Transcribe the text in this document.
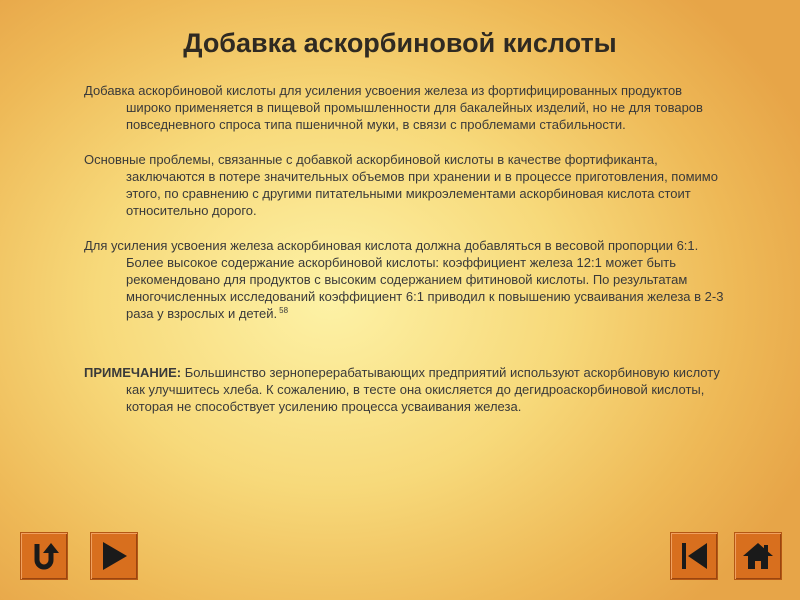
Добавка аскорбиновой кислоты

Добавка аскорбиновой кислоты для усиления усвоения железа из фортифицированных продуктов широко применяется в пищевой промышленности для бакалейных изделий, но не для товаров повседневного спроса типа пшеничной муки, в связи с проблемами стабильности.

Основные проблемы, связанные с добавкой аскорбиновой кислоты в качестве фортификанта, заключаются в потере значительных объемов при хранении и в процессе приготовления, помимо этого, по сравнению с другими питательными микроэлементами аскорбиновая кислота стоит относительно дорого.

Для усиления усвоения железа аскорбиновая кислота должна добавляться в весовой пропорции 6:1. Более высокое содержание аскорбиновой кислоты: коэффициент железа 12:1 может быть рекомендовано для продуктов с высоким содержанием фитиновой кислоты. По результатам многочисленных исследований коэффициент 6:1 приводил к повышению усваивания железа в 2-3 раза у взрослых и детей. $^{58}$

ПРИМЕЧАНИЕ: Большинство зерноперерабатывающих предприятий используют аскорбиновую кислоту как улучшитесь хлеба. К сожалению, в тесте она окисляется до дегидроаскорбиновой кислоты, которая не способствует усилению процесса усваивания железа.
